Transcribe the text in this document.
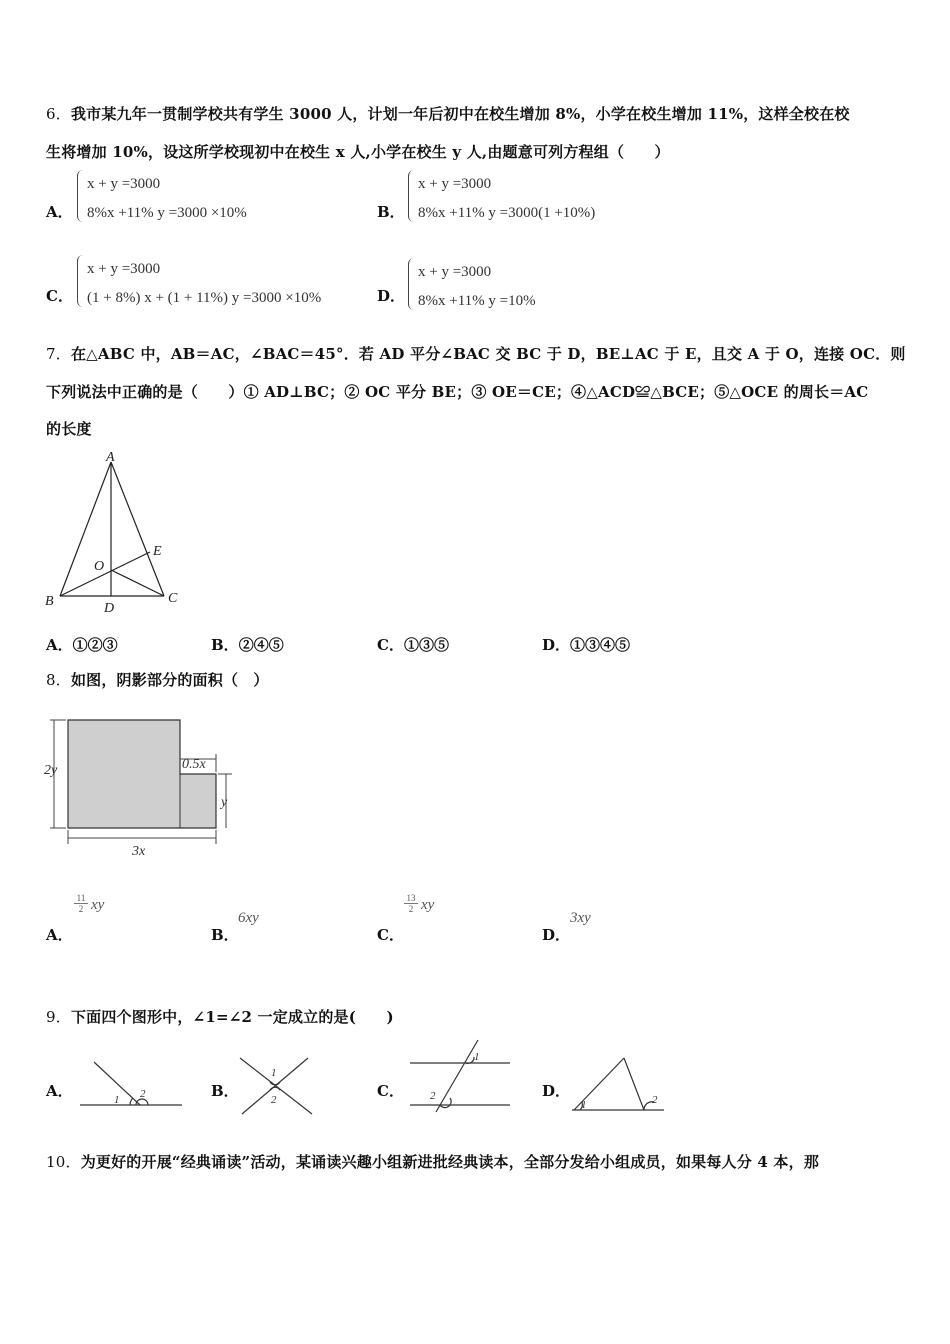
6．我市某九年一贯制学校共有学生 3000 人，计划一年后初中在校生增加 8%，小学在校生增加 11%，这样全校在校
生将增加 10%，设这所学校现初中在校生 x 人,小学在校生 y 人,由题意可列方程组（　　）
A．
x + y =3000
8%x +11% y =3000 ×10%	B．
x + y =3000
8%x +11% y =3000(1 +10%)
C．
x + y =3000
(1 + 8%) x + (1 + 11%) y =3000 ×10%	D．
x + y =3000
8%x +11% y =10%
7．在△ABC 中，AB＝AC，∠BAC＝45°．若 AD 平分∠BAC 交 BC 于 D，BE⊥AC 于 E，且交 A 于 O，连接 OC．则
下列说法中正确的是（　　）① AD⊥BC；② OC 平分 BE；③ OE＝CE；④△ACD≌△BCE；⑤△OCE 的周长＝AC
的长度
A
B	C
D
E
O
A．①②③	B．②④⑤	C．①③⑤	D．①③④⑤
8．如图，阴影部分的面积（　）
2y
3x
0.5x
y
A．
$\frac{11}{2}$ xy
B．
6xy
C．
$\frac{13}{2}$ xy
D．
3xy
9．下面四个图形中，∠1=∠2 一定成立的是(　　)
A．	1 2	B．
1
2	C．
1
2	D．
1	2
10．为更好的开展“经典诵读”活动，某诵读兴趣小组新进批经典读本，全部分发给小组成员，如果每人分 4 本，那
